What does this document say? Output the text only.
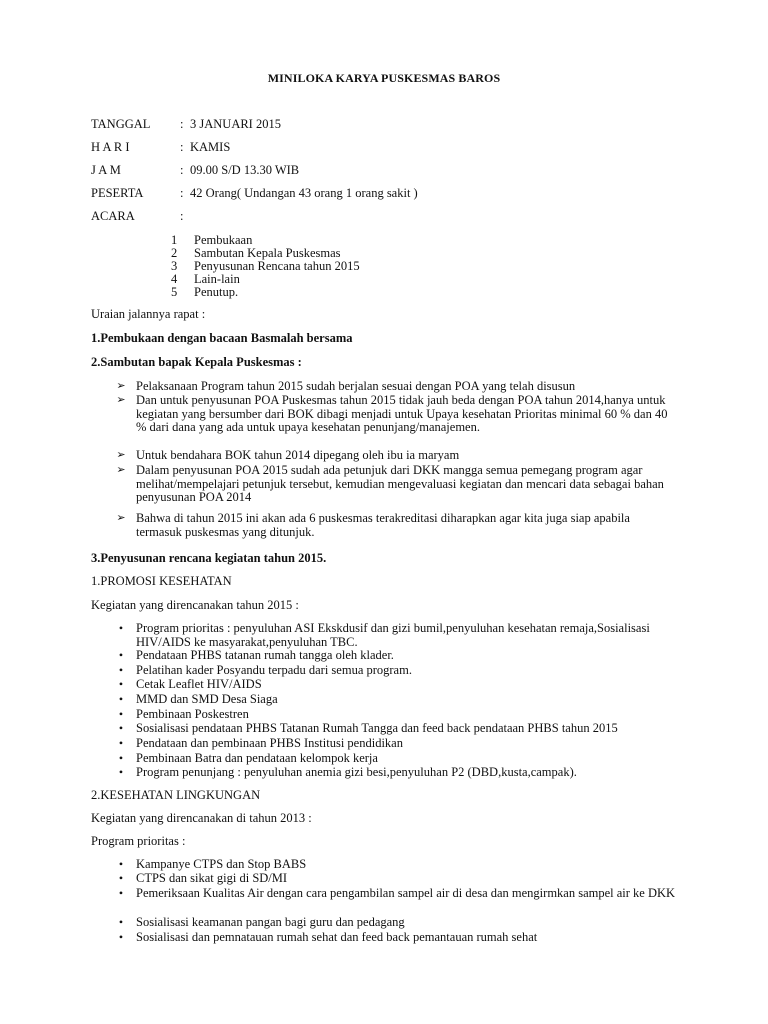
MINILOKA KARYA PUSKESMAS BAROS
TANGGAL : 3 JANUARI 2015
H A R I	: KAMIS
J A M	: 09.00 S/D 13.30 WIB
PESERTA	: 42 Orang( Undangan 43 orang 1 orang sakit )
ACARA	:
1 Pembukaan
2 Sambutan Kepala Puskesmas
3 Penyusunan Rencana tahun 2015
4 Lain-lain
5 Penutup.
Uraian jalannya rapat :
1.Pembukaan dengan bacaan Basmalah bersama
2.Sambutan bapak Kepala Puskesmas :
➢ Pelaksanaan Program tahun 2015 sudah berjalan sesuai dengan POA yang telah disusun
➢ Dan untuk penyusunan POA Puskesmas tahun 2015 tidak jauh beda dengan POA tahun 2014,hanya untuk kegiatan yang bersumber dari BOK dibagi menjadi untuk Upaya kesehatan Prioritas minimal 60 % dan 40 % dari dana yang ada untuk upaya kesehatan penunjang/manajemen.
➢ Untuk bendahara BOK tahun 2014 dipegang oleh ibu ia maryam
➢ Dalam penyusunan POA 2015 sudah ada petunjuk dari DKK mangga semua pemegang program agar melihat/mempelajari petunjuk tersebut, kemudian mengevaluasi kegiatan dan mencari data sebagai bahan penyusunan POA 2014
➢ Bahwa di tahun 2015 ini akan ada 6 puskesmas terakreditasi diharapkan agar kita juga siap apabila termasuk puskesmas yang ditunjuk.
3.Penyusunan rencana kegiatan tahun 2015.
1.PROMOSI KESEHATAN
Kegiatan yang direncanakan tahun 2015 :
•	Program prioritas : penyuluhan ASI Ekskdusif dan gizi bumil,penyuluhan kesehatan remaja,Sosialisasi HIV/AIDS ke masyarakat,penyuluhan TBC.
•	Pendataan PHBS tatanan rumah tangga oleh klader.
•	Pelatihan kader Posyandu terpadu dari semua program.
•	Cetak Leaflet HIV/AIDS
•	MMD dan SMD Desa Siaga
•	Pembinaan Poskestren
•	Sosialisasi pendataan PHBS Tatanan Rumah Tangga dan feed back pendataan PHBS tahun 2015
•	Pendataan dan pembinaan PHBS Institusi pendidikan
•	Pembinaan Batra dan pendataan kelompok kerja
•	Program penunjang : penyuluhan anemia gizi besi,penyuluhan P2 (DBD,kusta,campak).
2.KESEHATAN LINGKUNGAN
Kegiatan yang direncanakan di tahun 2013 :
Program prioritas :
•	Kampanye CTPS dan Stop BABS
•	CTPS dan sikat gigi di SD/MI
•	Pemeriksaan Kualitas Air dengan cara pengambilan sampel air di desa dan mengirmkan sampel air ke DKK
•	Sosialisasi keamanan pangan bagi guru dan pedagang
•	Sosialisasi dan pemnatauan rumah sehat dan feed back pemantauan rumah sehat
